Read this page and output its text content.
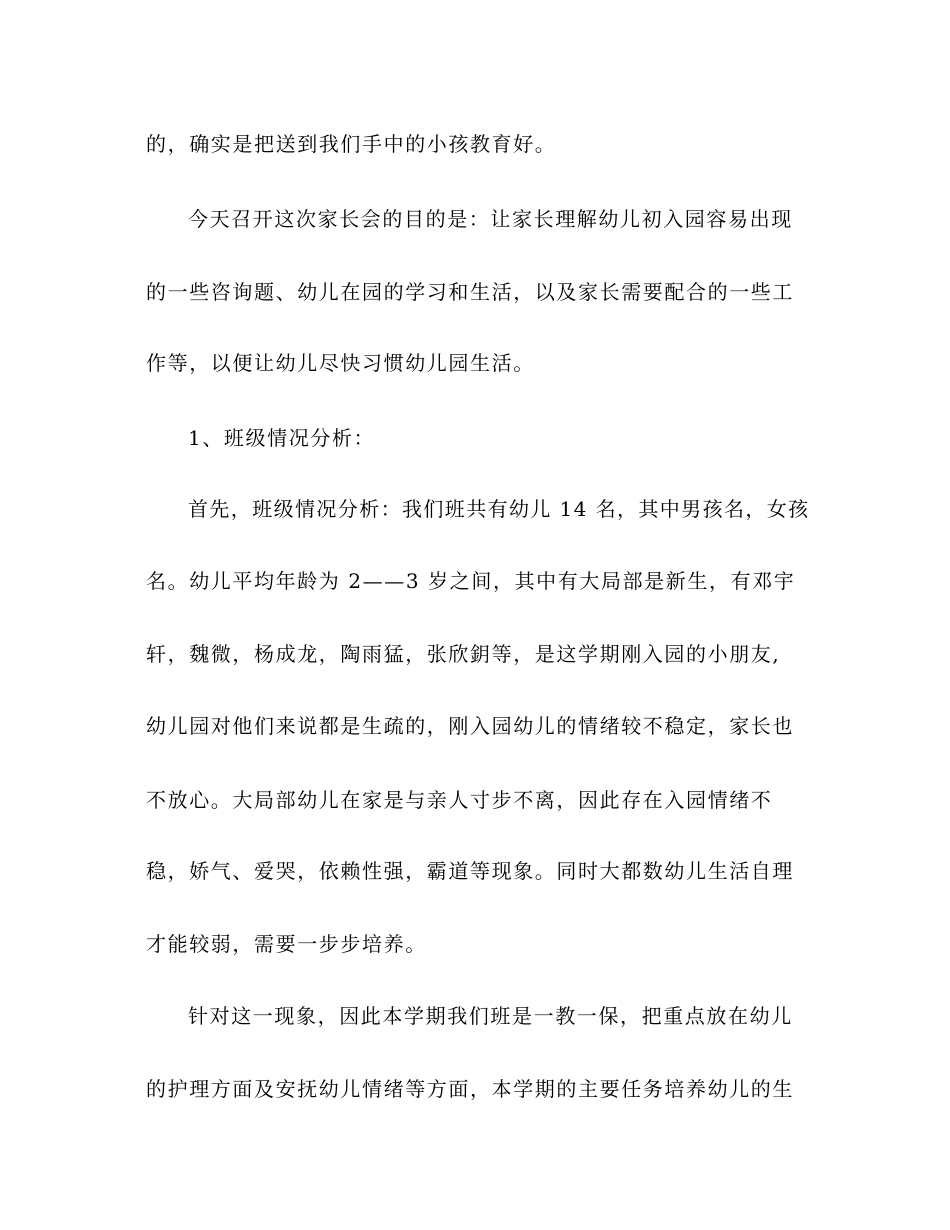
的，确实是把送到我们手中的小孩教育好。

今天召开这次家长会的目的是：让家长理解幼儿初入园容易出现

的一些咨询题、幼儿在园的学习和生活，以及家长需要配合的一些工

作等，以便让幼儿尽快习惯幼儿园生活。

1、班级情况分析：

首先，班级情况分析：我们班共有幼儿 14 名，其中男孩名，女孩

名。幼儿平均年龄为 2——3 岁之间，其中有大局部是新生，有邓宇

轩，魏微，杨成龙，陶雨猛，张欣鈅等，是这学期刚入园的小朋友,

幼儿园对他们来说都是生疏的，刚入园幼儿的情绪较不稳定，家长也

不放心。大局部幼儿在家是与亲人寸步不离，因此存在入园情绪不

稳，娇气、爱哭，依赖性强，霸道等现象。同时大都数幼儿生活自理

才能较弱，需要一步步培养。

针对这一现象，因此本学期我们班是一教一保，把重点放在幼儿

的护理方面及安抚幼儿情绪等方面，本学期的主要任务培养幼儿的生
